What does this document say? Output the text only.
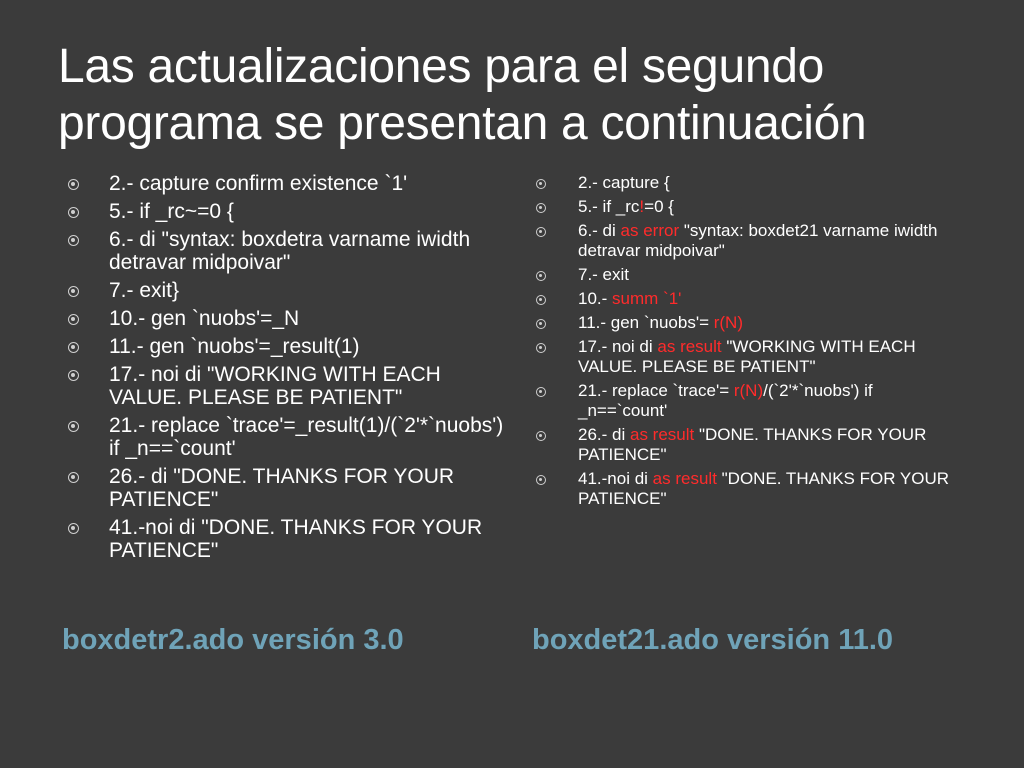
Las actualizaciones para el segundo programa se presentan a continuación
2.- capture confirm existence `1'
5.- if _rc~=0 {
6.- di "syntax: boxdetra varname iwidth detravar midpoivar"
7.- exit}
10.- gen `nuobs'=_N
11.- gen `nuobs'=_result(1)
17.- noi di "WORKING WITH EACH VALUE. PLEASE BE PATIENT"
21.- replace `trace'=_result(1)/(`2'*`nuobs') if _n==`count'
26.- di "DONE. THANKS FOR YOUR PATIENCE"
41.-noi di "DONE. THANKS FOR YOUR PATIENCE"
2.- capture {
5.- if _rc!=0 {
6.- di as error "syntax: boxdet21 varname iwidth detravar midpoivar"
7.- exit
10.- summ `1'
11.- gen `nuobs'= r(N)
17.- noi di as result "WORKING WITH EACH VALUE. PLEASE BE PATIENT"
21.- replace `trace'= r(N)/(`2'*`nuobs') if _n==`count'
26.- di as result "DONE. THANKS FOR YOUR PATIENCE"
41.-noi di as result "DONE. THANKS FOR YOUR PATIENCE"
boxdetr2.ado versión 3.0	boxdet21.ado versión 11.0
